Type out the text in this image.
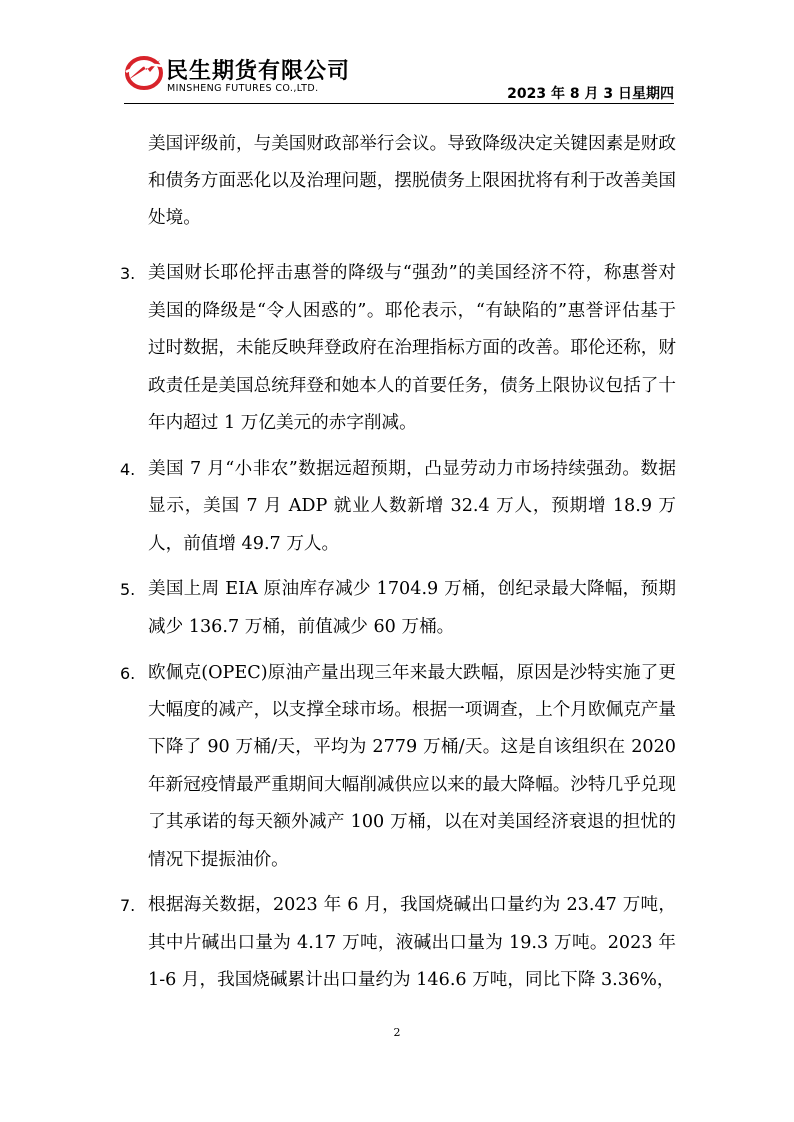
民生期货有限公司
MINSHENG FUTURES CO.,LTD.	2023 年 8 月 3 日星期四

美国评级前，与美国财政部举行会议。导致降级决定关键因素是财政和债务方面恶化以及治理问题，摆脱债务上限困扰将有利于改善美国处境。

3. 美国财长耶伦抨击惠誉的降级与“强劲”的美国经济不符，称惠誉对美国的降级是“令人困惑的”。耶伦表示，“有缺陷的”惠誉评估基于过时数据，未能反映拜登政府在治理指标方面的改善。耶伦还称，财政责任是美国总统拜登和她本人的首要任务，债务上限协议包括了十年内超过 1 万亿美元的赤字削减。
4. 美国 7 月“小非农”数据远超预期，凸显劳动力市场持续强劲。数据显示，美国 7 月 ADP 就业人数新增 32.4 万人，预期增 18.9 万人，前值增 49.7 万人。
5. 美国上周 EIA 原油库存减少 1704.9 万桶，创纪录最大降幅，预期减少 136.7 万桶，前值减少 60 万桶。
6. 欧佩克(OPEC)原油产量出现三年来最大跌幅，原因是沙特实施了更大幅度的减产，以支撑全球市场。根据一项调查，上个月欧佩克产量下降了 90 万桶/天，平均为 2779 万桶/天。这是自该组织在 2020 年新冠疫情最严重期间大幅削减供应以来的最大降幅。沙特几乎兑现了其承诺的每天额外减产 100 万桶，以在对美国经济衰退的担忧的情况下提振油价。
7. 根据海关数据，2023 年 6 月，我国烧碱出口量约为 23.47 万吨，其中片碱出口量为 4.17 万吨，液碱出口量为 19.3 万吨。2023 年 1-6 月，我国烧碱累计出口量约为 146.6 万吨，同比下降 3.36%，
2
